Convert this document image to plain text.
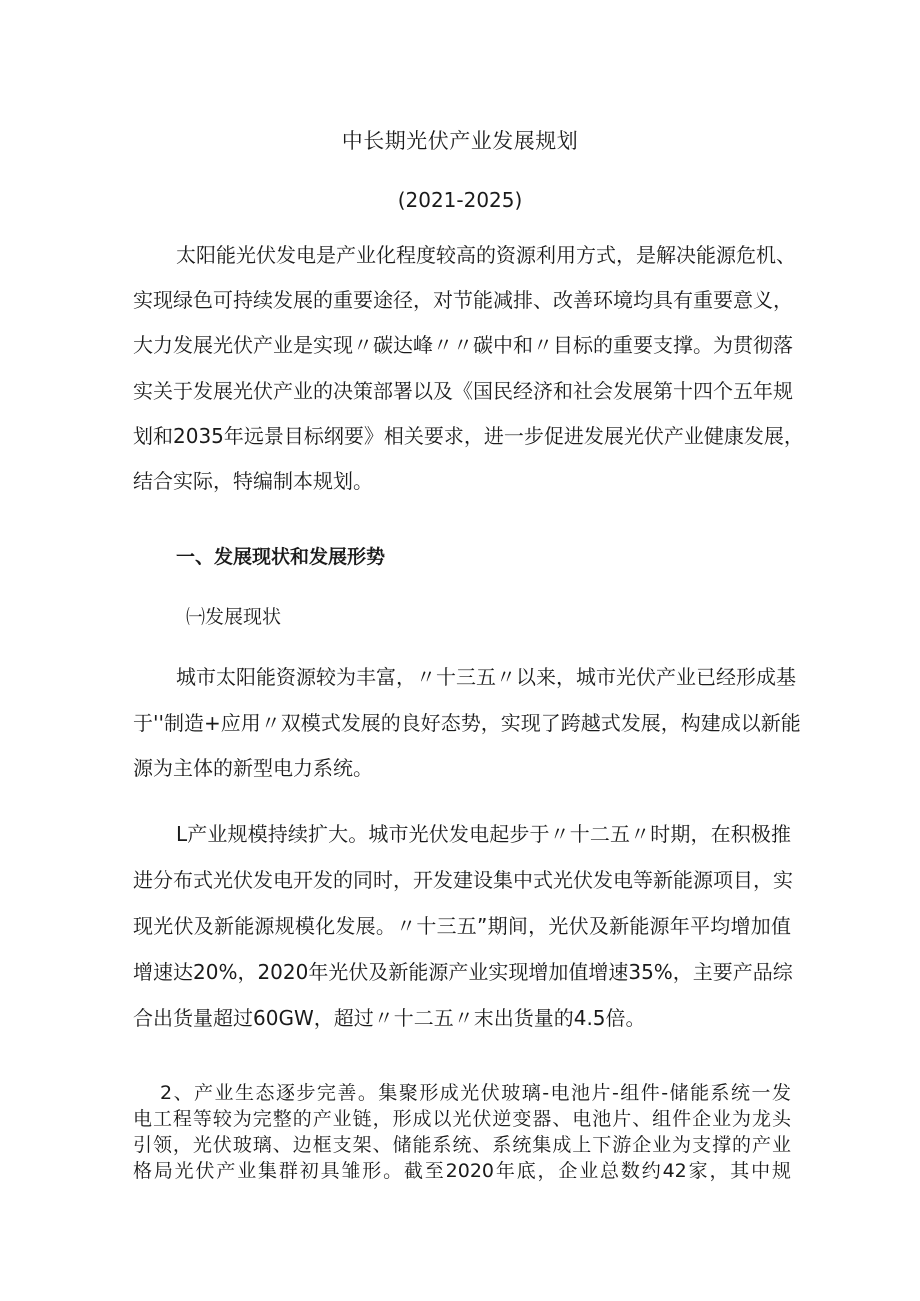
中长期光伏产业发展规划
(2021-2025)
太阳能光伏发电是产业化程度较高的资源利用方式，是解决能源危机、
实现绿色可持续发展的重要途径，对节能减排、改善环境均具有重要意义，
大力发展光伏产业是实现〃碳达峰〃〃碳中和〃目标的重要支撑。为贯彻落
实关于发展光伏产业的决策部署以及《国民经济和社会发展第十四个五年规
划和2035年远景目标纲要》相关要求，进一步促进发展光伏产业健康发展，
结合实际，特编制本规划。
一、发展现状和发展形势
㈠发展现状
城市太阳能资源较为丰富，〃十三五〃以来，城市光伏产业已经形成基
于''制造+应用〃双模式发展的良好态势，实现了跨越式发展，构建成以新能
源为主体的新型电力系统。
L产业规模持续扩大。城市光伏发电起步于〃十二五〃时期，在积极推
进分布式光伏发电开发的同时，开发建设集中式光伏发电等新能源项目，实
现光伏及新能源规模化发展。〃十三五”期间，光伏及新能源年平均增加值
增速达20%，2020年光伏及新能源产业实现增加值增速35%，主要产品综
合出货量超过60GW，超过〃十二五〃末出货量的4.5倍。
2、产业生态逐步完善。集聚形成光伏玻璃-电池片-组件-储能系统一发
电工程等较为完整的产业链，形成以光伏逆变器、电池片、组件企业为龙头
引领，光伏玻璃、边框支架、储能系统、系统集成上下游企业为支撑的产业
格局光伏产业集群初具雏形。截至2020年底，企业总数约42家，其中规
